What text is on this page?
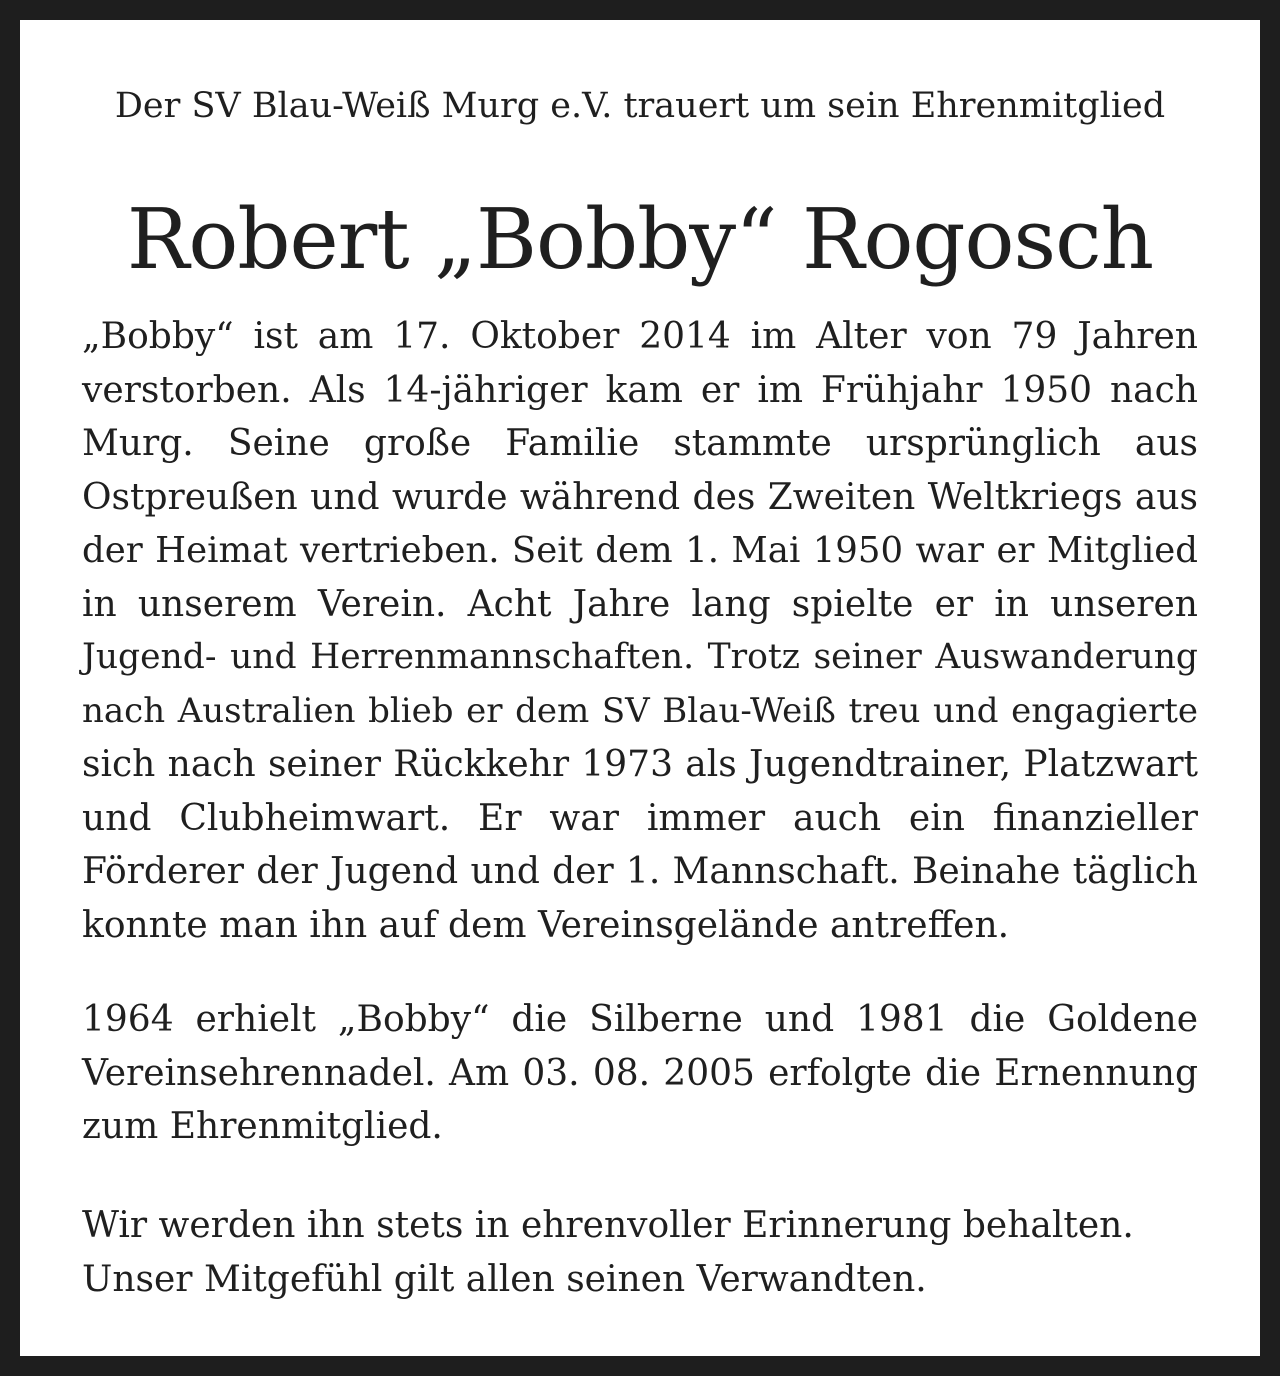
Der SV Blau-Weiß Murg e.V. trauert um sein Ehrenmitglied
Robert „Bobby“ Rogosch
„Bobby“ ist am 17. Oktober 2014 im Alter von 79 Jahren
verstorben. Als 14-jähriger kam er im Frühjahr 1950 nach
Murg. Seine große Familie stammte ursprünglich aus
Ostpreußen und wurde während des Zweiten Weltkriegs aus
der Heimat vertrieben. Seit dem 1. Mai 1950 war er Mitglied
in unserem Verein. Acht Jahre lang spielte er in unseren
Jugend- und Herrenmannschaften. Trotz seiner Auswanderung
nach Australien blieb er dem SV Blau-Weiß treu und engagierte
sich nach seiner Rückkehr 1973 als Jugendtrainer, Platzwart
und Clubheimwart. Er war immer auch ein finanzieller
Förderer der Jugend und der 1. Mannschaft. Beinahe täglich
konnte man ihn auf dem Vereinsgelände antreffen.
1964 erhielt „Bobby“ die Silberne und 1981 die Goldene
Vereinsehrennadel. Am 03. 08. 2005 erfolgte die Ernennung
zum Ehrenmitglied.
Wir werden ihn stets in ehrenvoller Erinnerung behalten.
Unser Mitgefühl gilt allen seinen Verwandten.
